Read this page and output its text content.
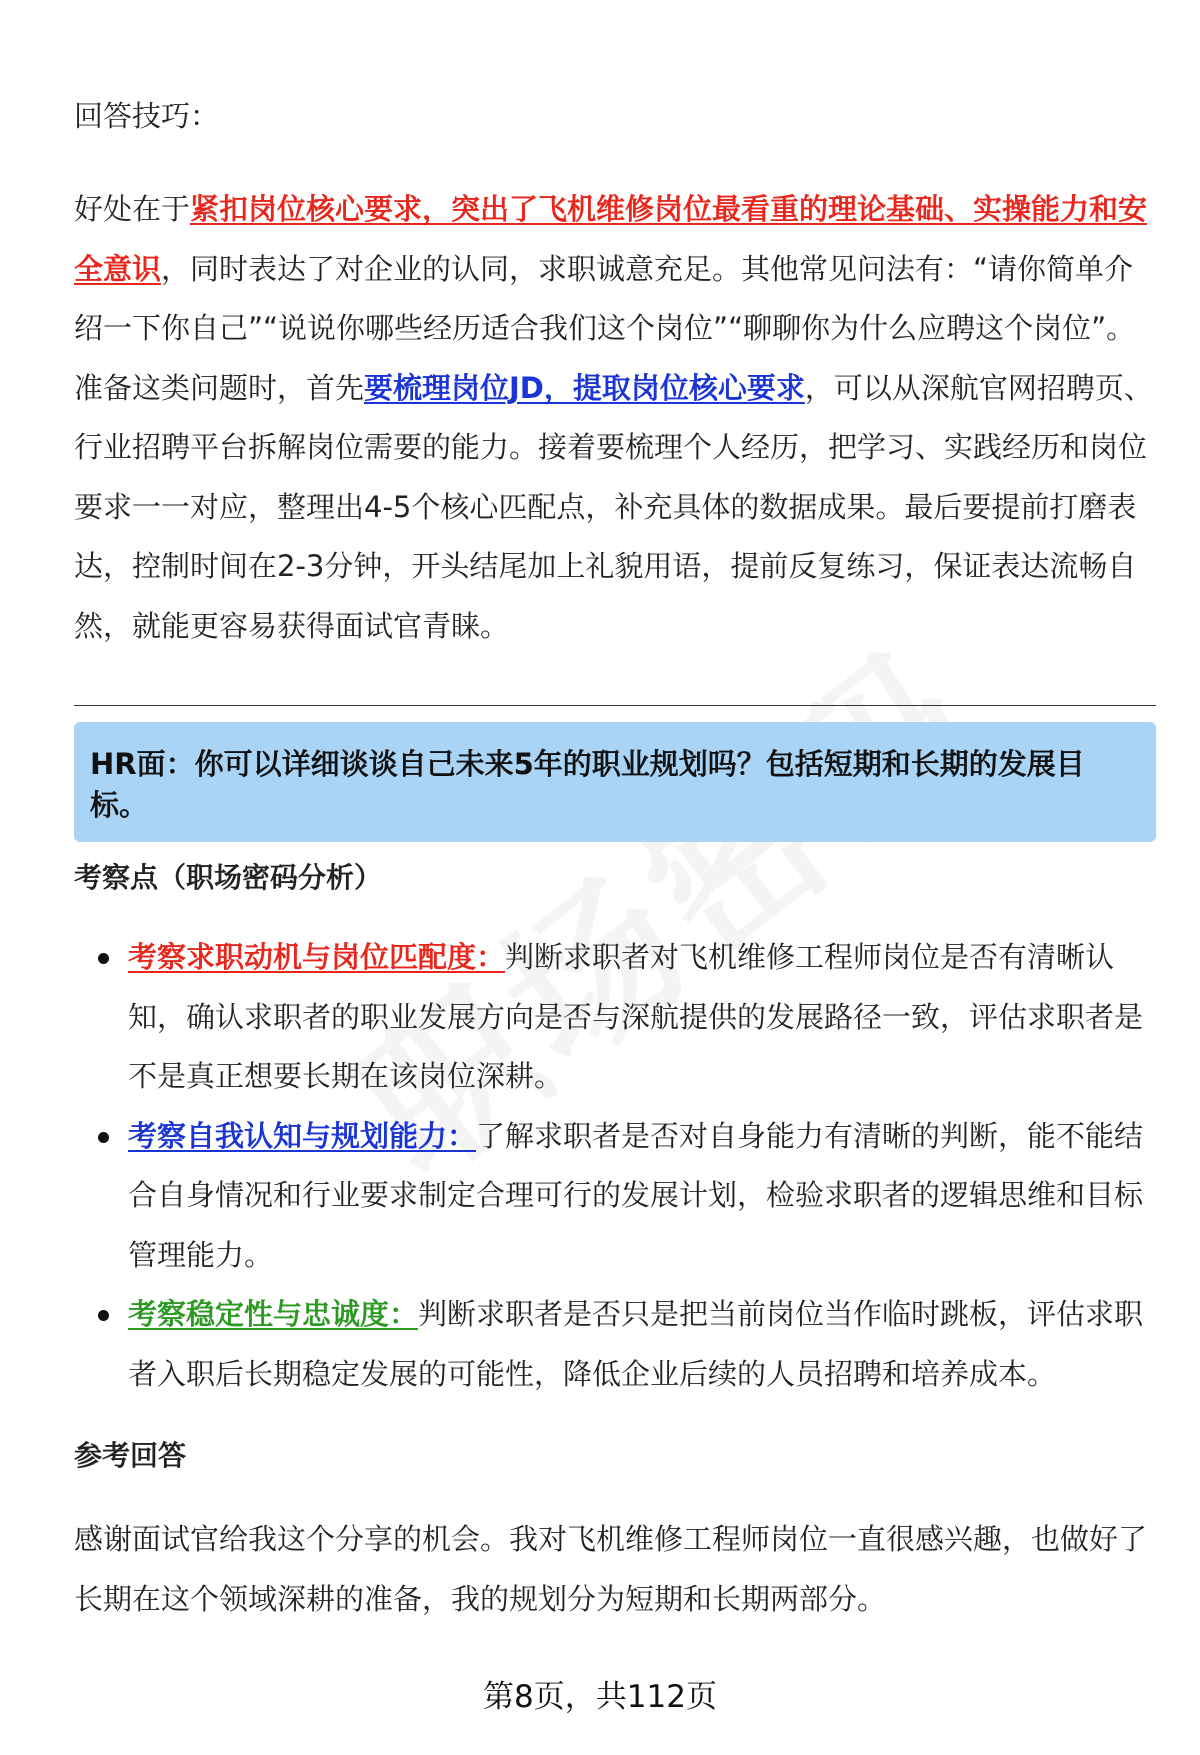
回答技巧：

好处在于紧扣岗位核心要求，突出了飞机维修岗位最看重的理论基础、实操能力和安全意识，同时表达了对企业的认同，求职诚意充足。其他常见问法有：“请你简单介绍一下你自己”“说说你哪些经历适合我们这个岗位”“聊聊你为什么应聘这个岗位”。准备这类问题时，首先要梳理岗位JD，提取岗位核心要求，可以从深航官网招聘页、行业招聘平台拆解岗位需要的能力。接着要梳理个人经历，把学习、实践经历和岗位要求一一对应，整理出4-5个核心匹配点，补充具体的数据成果。最后要提前打磨表达，控制时间在2-3分钟，开头结尾加上礼貌用语，提前反复练习，保证表达流畅自然，就能更容易获得面试官青睐。

HR面：你可以详细谈谈自己未来5年的职业规划吗？包括短期和长期的发展目标。
考察点（职场密码分析）
考察求职动机与岗位匹配度：判断求职者对飞机维修工程师岗位是否有清晰认知，确认求职者的职业发展方向是否与深航提供的发展路径一致，评估求职者是不是真正想要长期在该岗位深耕。
考察自我认知与规划能力：了解求职者是否对自身能力有清晰的判断，能不能结合自身情况和行业要求制定合理可行的发展计划，检验求职者的逻辑思维和目标管理能力。
考察稳定性与忠诚度：判断求职者是否只是把当前岗位当作临时跳板，评估求职者入职后长期稳定发展的可能性，降低企业后续的人员招聘和培养成本。
参考回答

感谢面试官给我这个分享的机会。我对飞机维修工程师岗位一直很感兴趣，也做好了长期在这个领域深耕的准备，我的规划分为短期和长期两部分。

第8页，共112页
